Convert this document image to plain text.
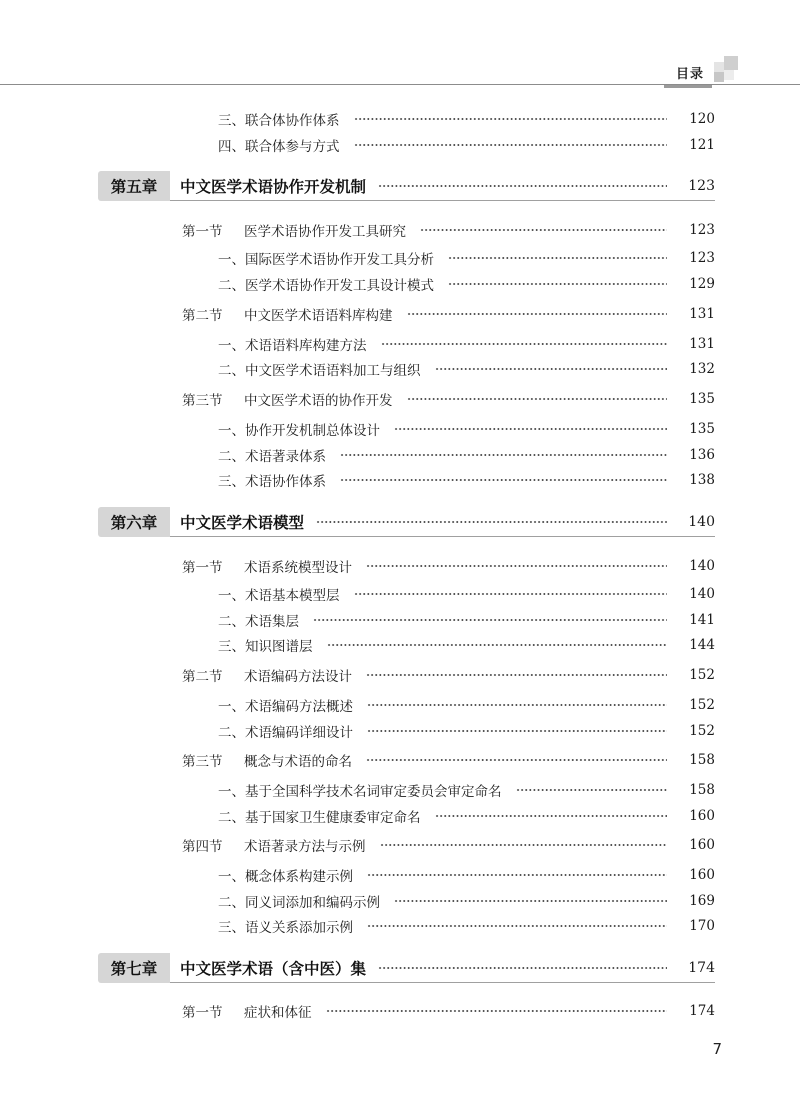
目录
三、联合体协作体系	120
四、联合体参与方式	121
第五章	中文医学术语协作开发机制	123
第一节	医学术语协作开发工具研究	123
一、国际医学术语协作开发工具分析	123
二、医学术语协作开发工具设计模式	129
第二节	中文医学术语语料库构建	131
一、术语语料库构建方法	131
二、中文医学术语语料加工与组织	132
第三节	中文医学术语的协作开发	135
一、协作开发机制总体设计	135
二、术语著录体系	136
三、术语协作体系	138
第六章	中文医学术语模型	140
第一节	术语系统模型设计	140
一、术语基本模型层	140
二、术语集层	141
三、知识图谱层	144
第二节	术语编码方法设计	152
一、术语编码方法概述	152
二、术语编码详细设计	152
第三节	概念与术语的命名	158
一、基于全国科学技术名词审定委员会审定命名	158
二、基于国家卫生健康委审定命名	160
第四节	术语著录方法与示例	160
一、概念体系构建示例	160
二、同义词添加和编码示例	169
三、语义关系添加示例	170
第七章	中文医学术语（含中医）集	174
第一节	症状和体征	174
7
